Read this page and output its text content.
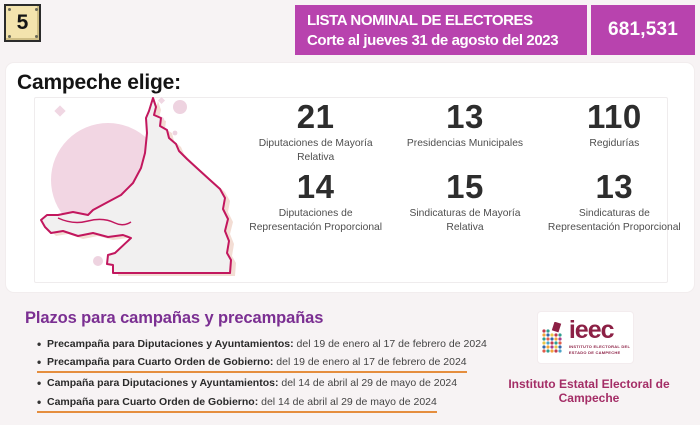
5	LISTA NOMINAL DE ELECTORES
Corte al jueves 31 de agosto del 2023
681,531
Campeche elige:
21
Diputaciones de Mayoría Relativa
13
Presidencias Municipales
110
Regidurías
14
Diputaciones de Representación Proporcional
15
Sindicaturas de Mayoría Relativa
13
Sindicaturas de Representación Proporcional
Plazos para campañas y precampañas
• Precampaña para Diputaciones y Ayuntamientos: del 19 de enero al 17 de febrero de 2024
• Precampaña para Cuarto Orden de Gobierno: del 19 de enero al 17 de febrero de 2024
• Campaña para Diputaciones y Ayuntamientos: del 14 de abril al 29 de mayo de 2024
• Campaña para Cuarto Orden de Gobierno: del 14 de abril al 29 de mayo de 2024
ieec
INSTITUTO ELECTORAL DEL
ESTADO DE CAMPECHE
Instituto Estatal Electoral de Campeche
